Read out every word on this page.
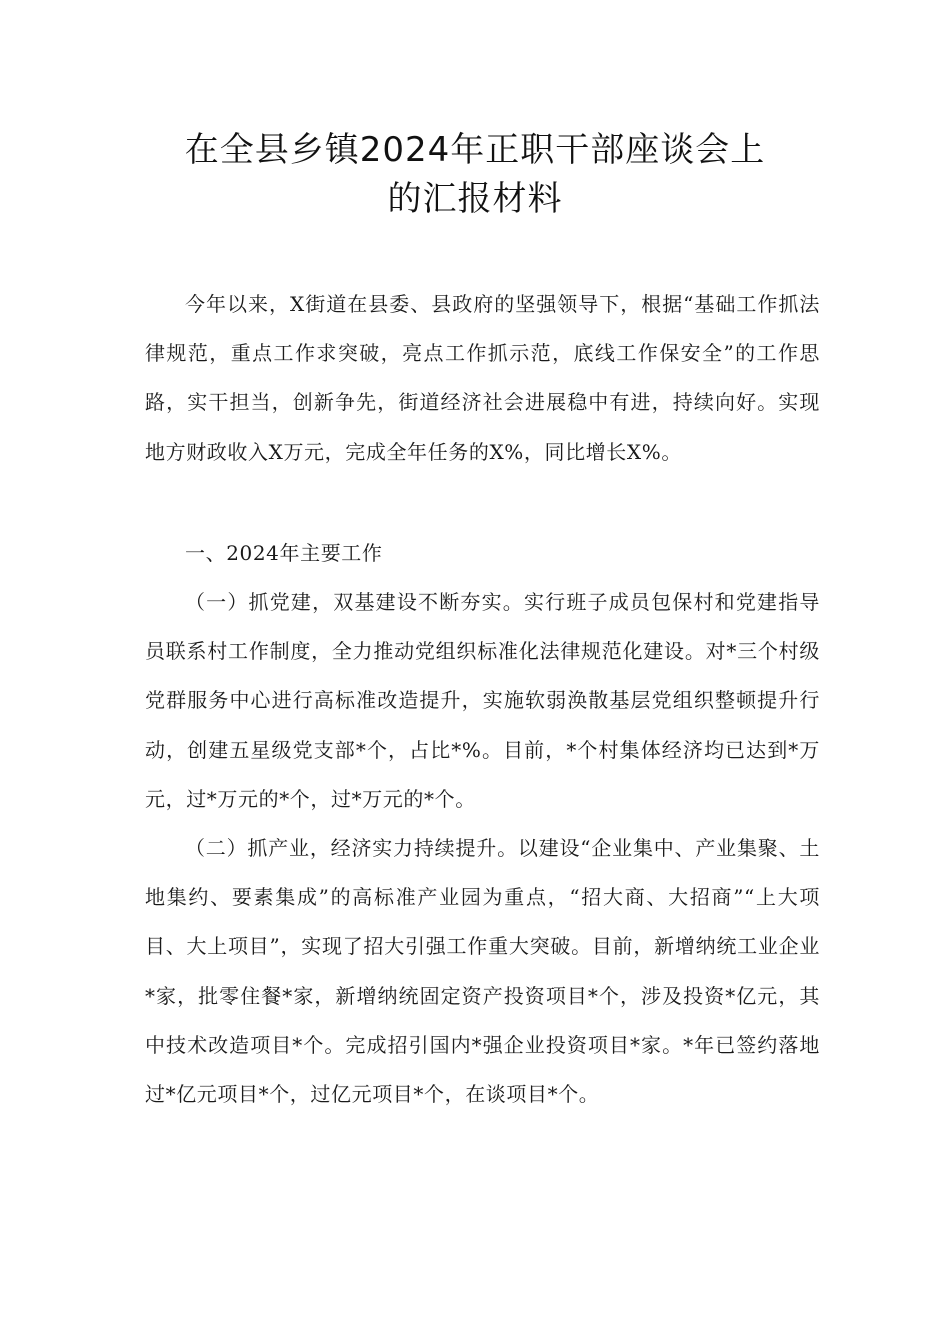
在全县乡镇2024年正职干部座谈会上
的汇报材料

今年以来，X街道在县委、县政府的坚强领导下，根据“基础工作抓法律规范，重点工作求突破，亮点工作抓示范，底线工作保安全”的工作思路，实干担当，创新争先，街道经济社会进展稳中有进，持续向好。实现地方财政收入X万元，完成全年任务的X%，同比增长X%。

一、2024年主要工作

（一）抓党建，双基建设不断夯实。实行班子成员包保村和党建指导员联系村工作制度，全力推动党组织标准化法律规范化建设。对*三个村级党群服务中心进行高标准改造提升，实施软弱涣散基层党组织整顿提升行动，创建五星级党支部*个，占比*%。目前，*个村集体经济均已达到*万元，过*万元的*个，过*万元的*个。

（二）抓产业，经济实力持续提升。以建设“企业集中、产业集聚、土地集约、要素集成”的高标准产业园为重点，“招大商、大招商”“上大项目、大上项目”，实现了招大引强工作重大突破。目前，新增纳统工业企业*家，批零住餐*家，新增纳统固定资产投资项目*个，涉及投资*亿元，其中技术改造项目*个。完成招引国内*强企业投资项目*家。*年已签约落地过*亿元项目*个，过亿元项目*个，在谈项目*个。
